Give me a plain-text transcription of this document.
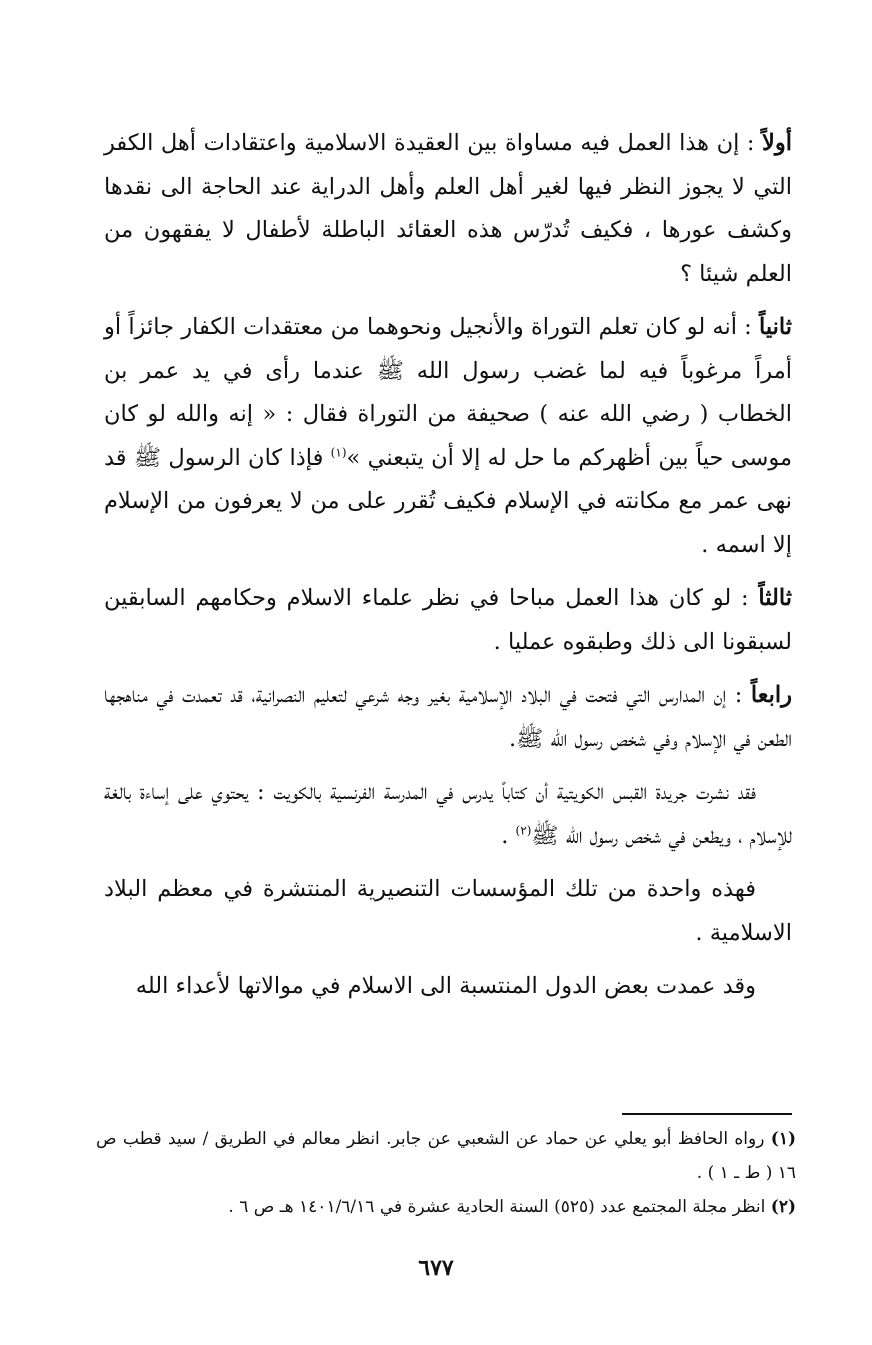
أولاً : إن هذا العمل فيه مساواة بين العقيدة الاسلامية واعتقادات أهل الكفر التي لا يجوز النظر فيها لغير أهل العلم وأهل الدراية عند الحاجة الى نقدها وكشف عورها ، فكيف تُدرّس هذه العقائد الباطلة لأطفال لا يفقهون من العلم شيئا ؟

ثانياً : أنه لو كان تعلم التوراة والأنجيل ونحوهما من معتقدات الكفار جائزاً أو أمراً مرغوباً فيه لما غضب رسول الله ﷺ عندما رأى في يد عمر بن الخطاب ( رضي الله عنه ) صحيفة من التوراة فقال : « إنه والله لو كان موسى حياً بين أظهركم ما حل له إلا أن يتبعني »$^{(١)}$ فإذا كان الرسول ﷺ قد نهى عمر مع مكانته في الإسلام فكيف تُقرر على من لا يعرفون من الإسلام إلا اسمه .

ثالثاً : لو كان هذا العمل مباحا في نظر علماء الاسلام وحكامهم السابقين لسبقونا الى ذلك وطبقوه عمليا .

رابعاً : إن المدارس التي فتحت في البلاد الإسلامية بغير وجه شرعي لتعليم النصرانية، قد تعمدت في مناهجها الطعن في الإسلام وفي شخص رسول الله ﷺ.

فقد نشرت جريدة القبس الكويتية أن كتاباً يدرس في المدرسة الفرنسية بالكويت : يحتوي على إساءة بالغة للإسلام ، ويطعن في شخص رسول الله ﷺ$^{(٢)}$ .

فهذه واحدة من تلك المؤسسات التنصيرية المنتشرة في معظم البلاد الاسلامية .

وقد عمدت بعض الدول المنتسبة الى الاسلام في موالاتها لأعداء الله

(١) رواه الحافظ أبو يعلي عن حماد عن الشعبي عن جابر. انظر معالم في الطريق / سيد قطب ص ١٦ ( ط ـ ١ ) .

(٢) انظر مجلة المجتمع عدد (٥٢٥) السنة الحادية عشرة في ١٤٠١/٦/١٦ هـ ص ٦ .

٦٧٧
